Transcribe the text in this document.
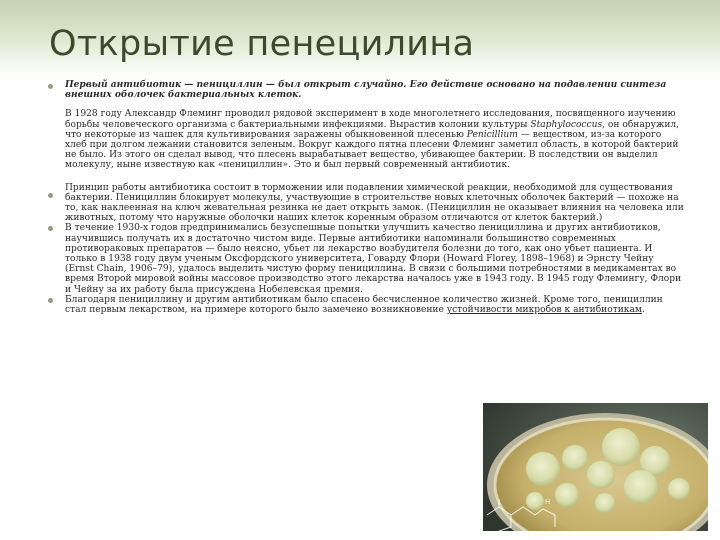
Открытие пенецилина
Первый антибиотик — пенициллин — был открыт случайно. Его действие основано на подавлении синтеза внешних оболочек бактериальных клеток.

В 1928 году Александр Флеминг проводил рядовой эксперимент в ходе многолетнего исследования, посвященного изучению борьбы человеческого организма с бактериальными инфекциями. Вырастив колонии культуры Staphylococcus, он обнаружил, что некоторые из чашек для культивирования заражены обыкновенной плесенью Penicillium — веществом, из-за которого хлеб при долгом лежании становится зеленым. Вокруг каждого пятна плесени Флеминг заметил область, в которой бактерий не было. Из этого он сделал вывод, что плесень вырабатывает вещество, убивающее бактерии. В последствии он выделил молекулу, ныне известную как «пенициллин». Это и был первый современный антибиотик.

Принцип работы антибиотика состоит в торможении или подавлении химической реакции, необходимой для существования бактерии. Пенициллин блокирует молекулы, участвующие в строительстве новых клеточных оболочек бактерий — похоже на то, как наклеенная на ключ жевательная резинка не дает открыть замок. (Пенициллин не оказывает влияния на человека или животных, потому что наружные оболочки наших клеток коренным образом отличаются от клеток бактерий.)

В течение 1930-х годов предпринимались безуспешные попытки улучшить качество пенициллина и других антибиотиков, научившись получать их в достаточно чистом виде. Первые антибиотики напоминали большинство современных противораковых препаратов — было неясно, убьет ли лекарство возбудителя болезни до того, как оно убьет пациента. И только в 1938 году двум ученым Оксфордского университета, Говарду Флори (Howard Florey, 1898–1968) и Эрнсту Чейну (Ernst Chain, 1906–79), удалось выделить чистую форму пенициллина. В связи с большими потребностями в медикаментах во время Второй мировой войны массовое производство этого лекарства началось уже в 1943 году. В 1945 году Флемингу, Флори и Чейну за их работу была присуждена Нобелевская премия.
Благодаря пенициллину и другим антибиотикам было спасено бесчисленное количество жизней. Кроме того, пенициллин стал первым лекарством, на примере которого было замечено возникновение устойчивости микробов к антибиотикам.
H
